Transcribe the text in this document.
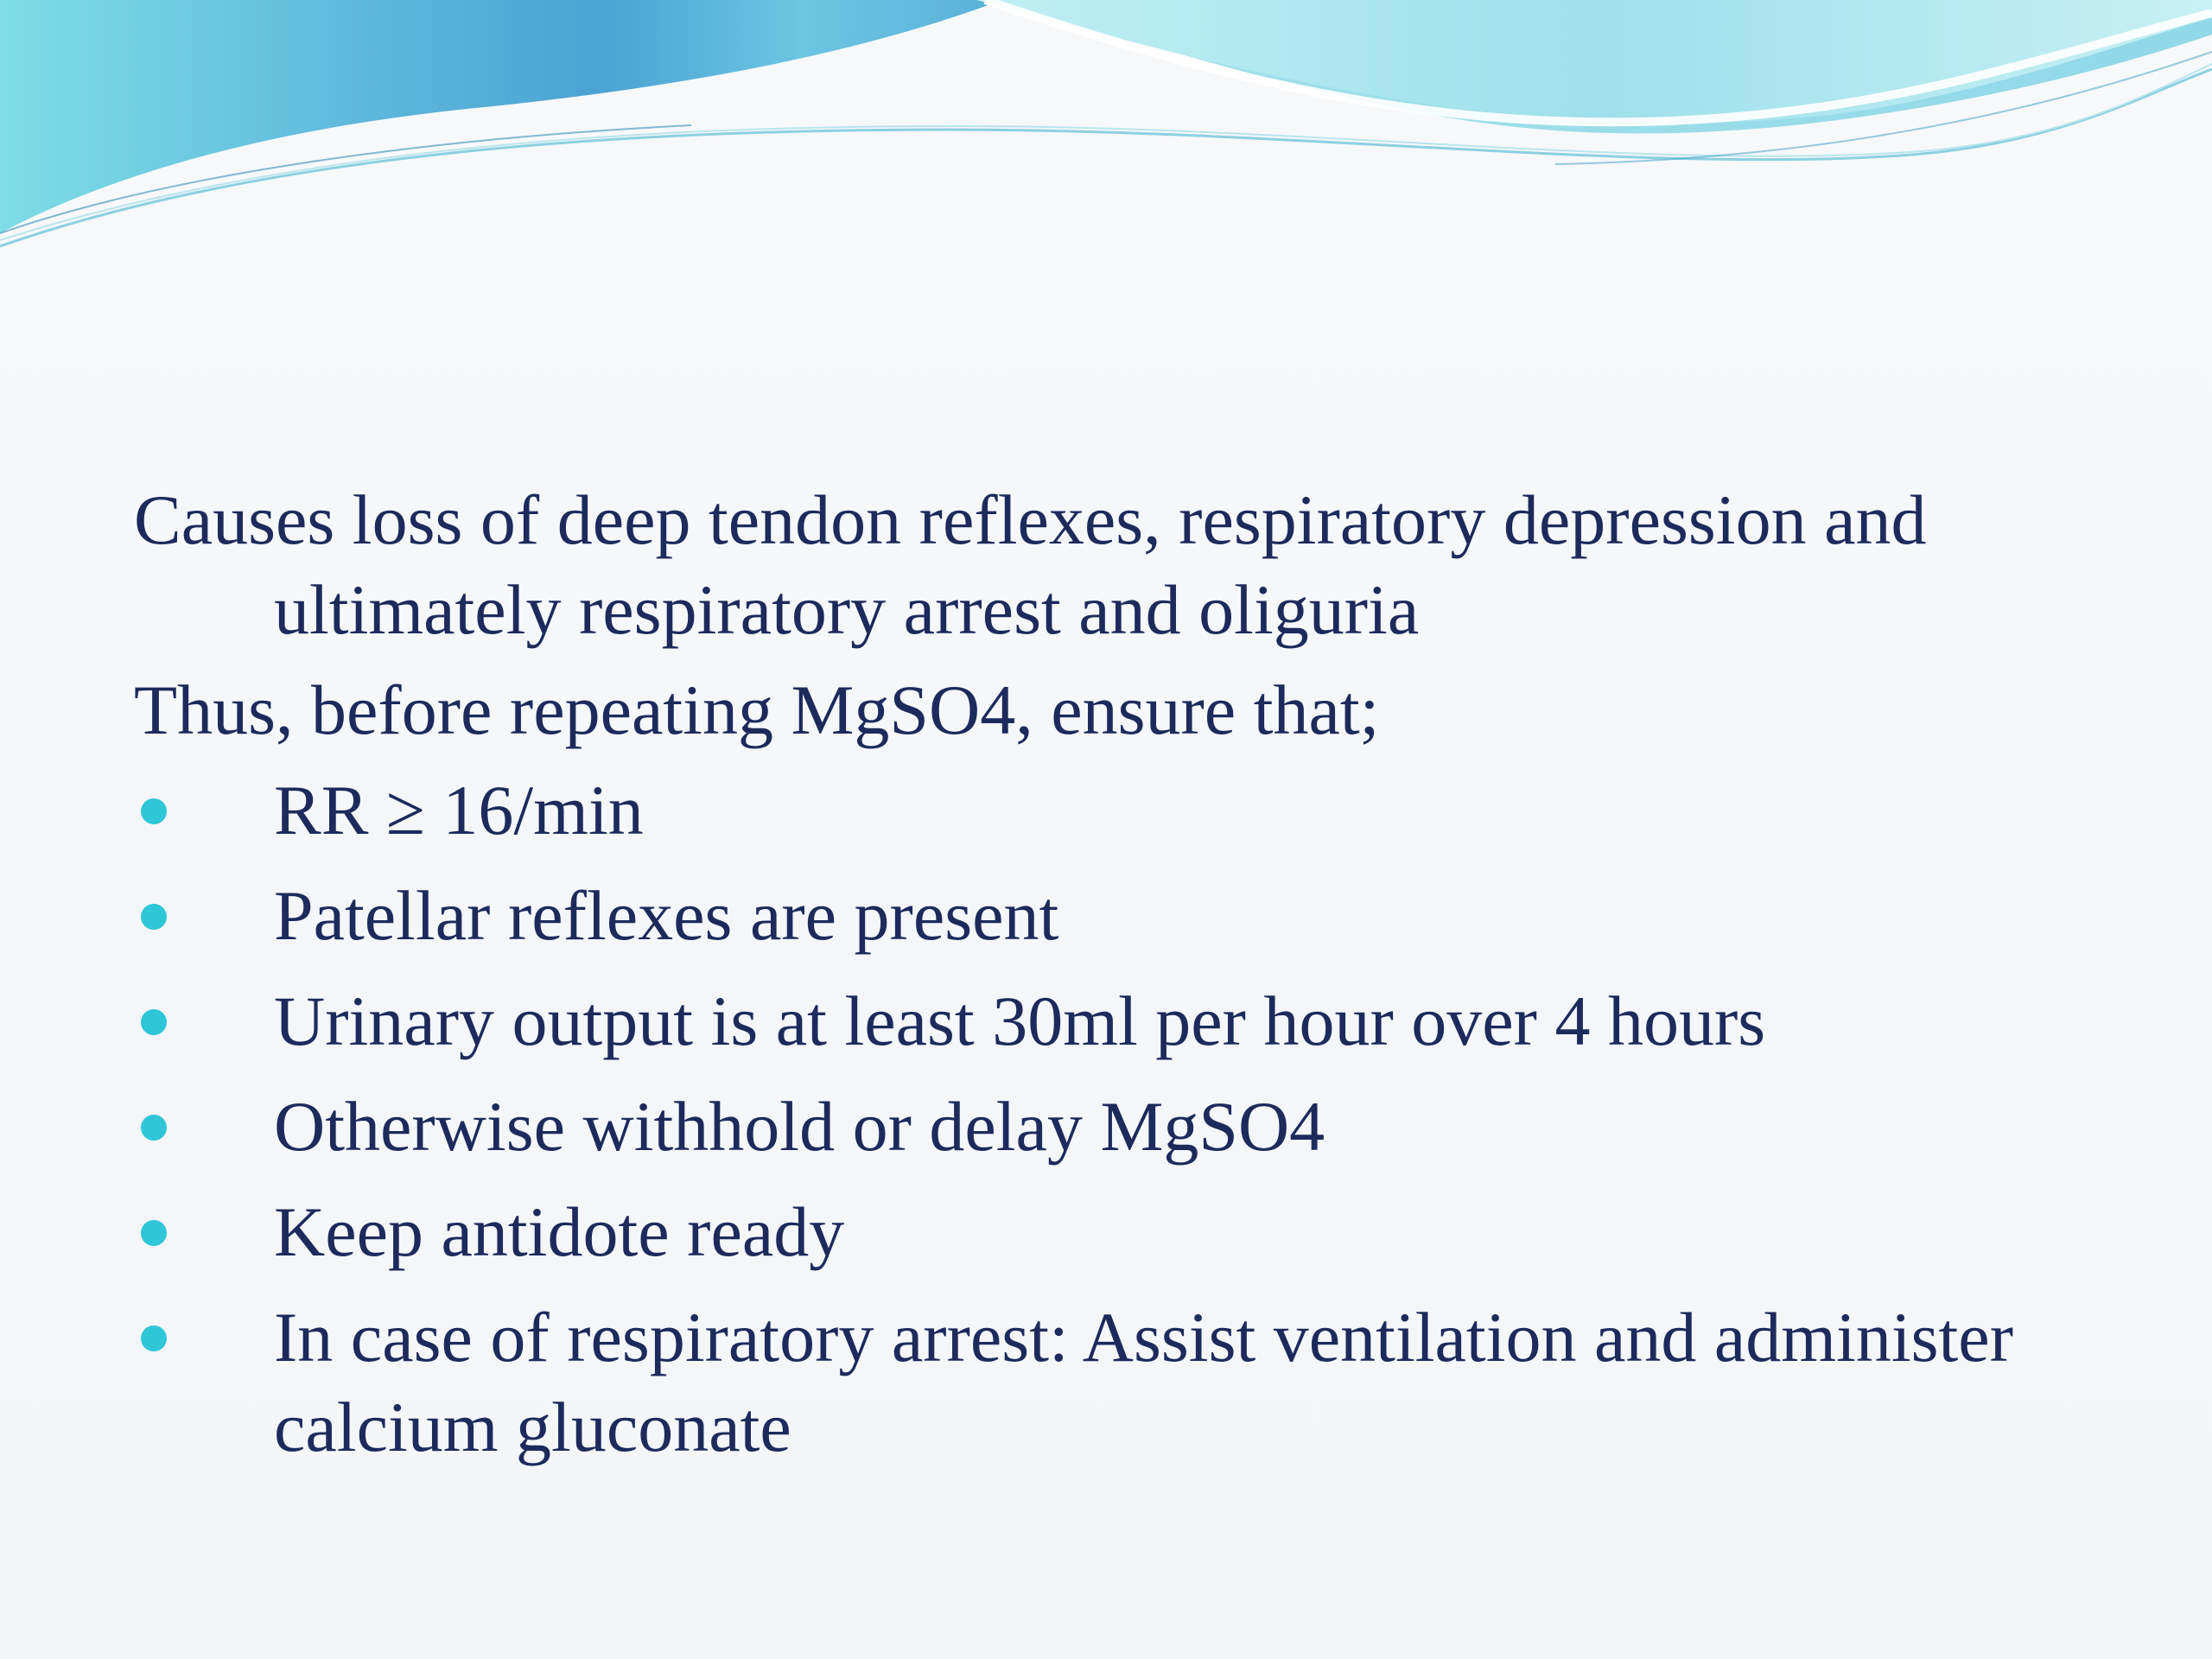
Causes loss of deep tendon reflexes, respiratory depression and ultimately respiratory arrest and oliguria

Thus, before repeating MgSO4, ensure that;

RR ≥ 16/min
Patellar reflexes are present
Urinary output is at least 30ml per hour over 4 hours
Otherwise withhold or delay MgSO4
Keep antidote ready
In case of respiratory arrest: Assist ventilation and administer calcium gluconate
